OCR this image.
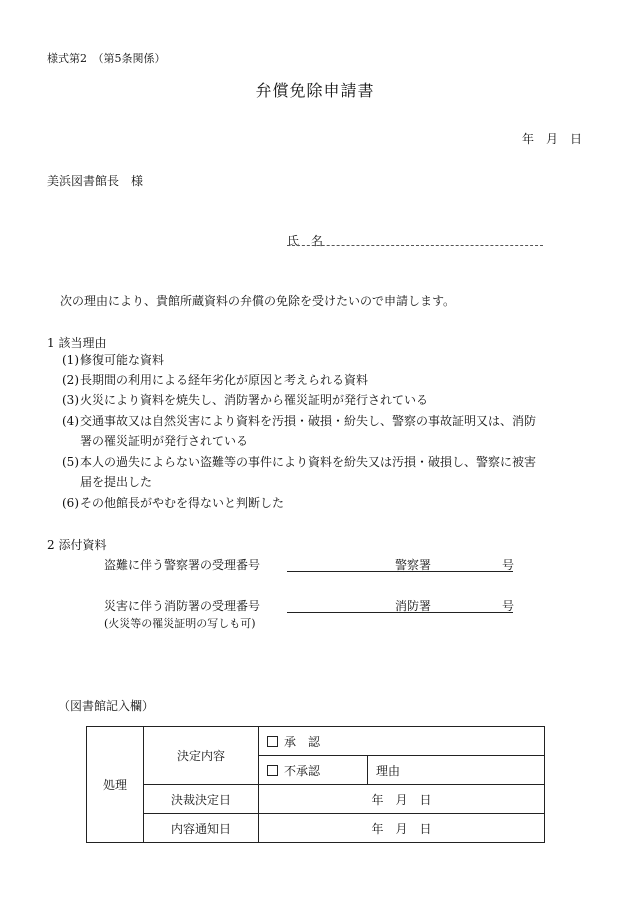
様式第2　（第5条関係）
弁償免除申請書
年　月　日
美浜図書館長　様
氏　名
次の理由により、貴館所蔵資料の弁償の免除を受けたいので申請します。
1 該当理由
(1)修復可能な資料
(2)長期間の利用による経年劣化が原因と考えられる資料
(3)火災により資料を焼失し、消防署から罹災証明が発行されている
(4)交通事故又は自然災害により資料を汚損・破損・紛失し、警察の事故証明又は、消防
署の罹災証明が発行されている
(5)本人の過失によらない盗難等の事件により資料を紛失又は汚損・破損し、警察に被害
届を提出した
(6)その他館長がやむを得ないと判断した
2 添付資料
盗難に伴う警察署の受理番号	警察署	号
災害に伴う消防署の受理番号	消防署	号
(火災等の罹災証明の写しも可)
（図書館記入欄）
処理	決定内容	承　認	
		不承認	理由
	決裁決定日	年　月　日	
	内容通知日	年　月　日	
